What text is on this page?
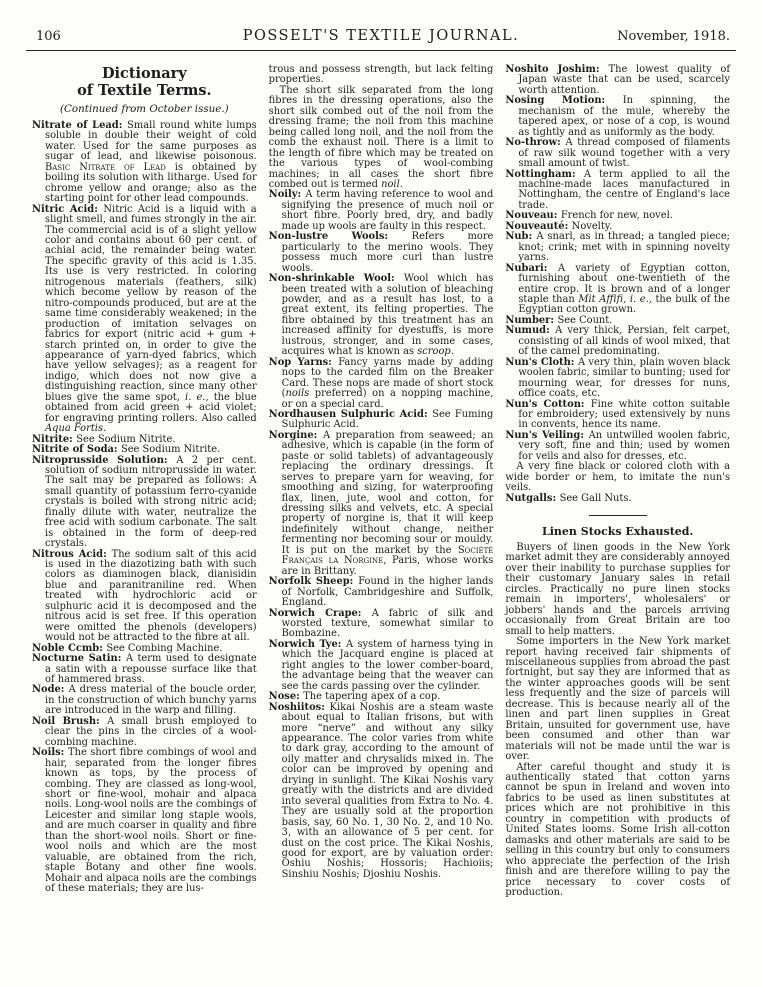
106	POSSELT'S TEXTILE JOURNAL.	November, 1918.
Dictionary
of Textile Terms.
(Continued from October issue.)
Nitrate of Lead: Small round white lumps soluble in double their weight of cold water. Used for the same purposes as sugar of lead, and likewise poisonous. Basic Nitrate of Lead is obtained by boiling its solution with litharge. Used for chrome yellow and orange; also as the starting point for other lead compounds.
Nitric Acid: Nitric Acid is a liquid with a slight smell, and fumes strongly in the air. The commercial acid is of a slight yellow color and contains about 60 per cent. of achial acid, the remainder being water. The specific gravity of this acid is 1.35. Its use is very restricted. In coloring nitrogenous materials (feathers, silk) which become yellow by reason of the nitro-compounds produced, but are at the same time considerably weakened; in the production of imitation selvages on fabrics for export (nitric acid + gum + starch printed on, in order to give the appearance of yarn-dyed fabrics, which have yellow selvages); as a reagent for indigo, which does not now give a distinguishing reaction, since many other blues give the same spot, i. e., the blue obtained from acid green + acid violet; for engraving printing rollers. Also called Aqua Fortis.
Nitrite: See Sodium Nitrite.
Nitrite of Soda: See Sodium Nitrite.
Nitroprusside Solution: A 2 per cent. solution of sodium nitroprusside in water. The salt may be prepared as follows: A small quantity of potassium ferro-cyanide crystals is boiled with strong nitric acid; finally dilute with water, neutralize the free acid with sodium carbonate. The salt is obtained in the form of deep-red crystals.
Nitrous Acid: The sodium salt of this acid is used in the diazotizing bath with such colors as diaminogen black, dianisidin blue and paranitraniline red. When treated with hydrochloric acid or sulphuric acid it is decomposed and the nitrous acid is set free. If this operation were omitted the phenols (developers) would not be attracted to the fibre at all.
Noble Ccmb: See Combing Machine.
Nocturne Satin: A term used to designate a satin with a repousse surface like that of hammered brass.
Node: A dress material of the boucle order, in the construction of which bunchy yarns are introduced in the warp and filling.
Noil Brush: A small brush employed to clear the pins in the circles of a wool-combing machine.
Noils: The short fibre combings of wool and hair, separated from the longer fibres known as tops, by the process of combing. They are classed as long-wool, short or fine-wool, mohair and alpaca noils. Long-wool noils are the combings of Leicester and similar long staple wools, and are much coarser in quality and fibre than the short-wool noils. Short or fine-wool noils and which are the most valuable, are obtained from the rich, staple Botany and other fine wools. Mohair and alpaca noils are the combings of these materials; they are lus-

trous and possess strength, but lack felting properties.

The short silk separated from the long fibres in the dressing operations, also the short silk combed out of the noil from the dressing frame; the noil from this machine being called long noil, and the noil from the comb the exhaust noil. There is a limit to the length of fibre which may be treated on the various types of wool-combing machines; in all cases the short fibre combed out is termed noil.

Noily: A term having reference to wool and signifying the presence of much noil or short fibre. Poorly bred, dry, and badly made up wools are faulty in this respect.
Non-lustre Wools: Refers more particularly to the merino wools. They possess much more curl than lustre wools.
Non-shrinkable Wool: Wool which has been treated with a solution of bleaching powder, and as a result has lost, to a great extent, its felting properties. The fibre obtained by this treatment has an increased affinity for dyestuffs, is more lustrous, stronger, and in some cases, acquires what is known as scroop.
Nop Yarns: Fancy yarns made by adding nops to the carded film on the Breaker Card. These nops are made of short stock (noils preferred) on a nopping machine, or on a special card.
Nordhausen Sulphuric Acid: See Fuming Sulphuric Acid.
Norgine: A preparation from seaweed; an adhesive, which is capable (in the form of paste or solid tablets) of advantageously replacing the ordinary dressings. It serves to prepare yarn for weaving, for smoothing and sizing, for waterproofing flax, linen, jute, wool and cotton, for dressing silks and velvets, etc. A special property of norgine is, that it will keep indefinitely without change, neither fermenting nor becoming sour or mouldy. It is put on the market by the Société Français la Norgine, Paris, whose works are in Brittany.
Norfolk Sheep: Found in the higher lands of Norfolk, Cambridgeshire and Suffolk, England.
Norwich Crape: A fabric of silk and worsted texture, somewhat similar to Bombazine.
Norwich Tye: A system of harness tying in which the Jacquard engine is placed at right angles to the lower comber-board, the advantage being that the weaver can see the cards passing over the cylinder.
Nose: The tapering apex of a cop.
Noshiitos: Kikai Noshis are a steam waste about equal to Italian frisons, but with more “nerve” and without any silky appearance. The color varies from white to dark gray, according to the amount of oily matter and chrysalids mixed in. The color can be improved by opening and drying in sunlight. The Kikai Noshis vary greatly with the districts and are divided into several qualities from Extra to No. 4. They are usually sold at the proportion basis, say, 60 No. 1, 30 No. 2, and 10 No. 3, with an allowance of 5 per cent. for dust on the cost price. The Kikai Noshis, good for export, are by valuation order: Oshiu Noshis; Hossoris; Hachioiis; Sinshiu Noshis; Djoshiu Noshis.
Noshito Joshim: The lowest quality of Japan waste that can be used, scarcely worth attention.
Nosing Motion: In spinning, the mechanism of the mule, whereby the tapered apex, or nose of a cop, is wound as tightly and as uniformly as the body.
No-throw: A thread composed of filaments of raw silk wound together with a very small amount of twist.
Nottingham: A term applied to all the machine-made laces manufactured in Nottingham, the centre of England's lace trade.
Nouveau: French for new, novel.
Nouveauté: Novelty.
Nub: A snarl, as in thread; a tangled piece; knot; crink; met with in spinning novelty yarns.
Nubari: A variety of Egyptian cotton, furnishing about one-twentieth of the entire crop. It is brown and of a longer staple than Mit Affifi, i. e., the bulk of the Egyptian cotton grown.
Number: See Count.
Numud: A very thick, Persian, felt carpet, consisting of all kinds of wool mixed, that of the camel predominating.
Nun's Cloth: A very thin, plain woven black woolen fabric, similar to bunting; used for mourning wear, for dresses for nuns, office coats, etc.
Nun's Cotton: Fine white cotton suitable for embroidery; used extensively by nuns in convents, hence its name.
Nun's Veiling: An untwilled woolen fabric, very soft, fine and thin; used by women for veils and also for dresses, etc.
A very fine black or colored cloth with a wide border or hem, to imitate the nun's veils.
Nutgalls: See Gall Nuts.
Linen Stocks Exhausted.

Buyers of linen goods in the New York market admit they are considerably annoyed over their inability to purchase supplies for their customary January sales in retail circles. Practically no pure linen stocks remain in importers', wholesalers' or jobbers' hands and the parcels arriving occasionally from Great Britain are too small to help matters.

Some importers in the New York market report having received fair shipments of miscellaneous supplies from abroad the past fortnight, but say they are informed that as the winter approaches goods will be sent less frequently and the size of parcels will decrease. This is because nearly all of the linen and part linen supplies in Great Britain, unsuited for government use, have been consumed and other than war materials will not be made until the war is over.

After careful thought and study it is authentically stated that cotton yarns cannot be spun in Ireland and woven into fabrics to be used as linen substitutes at prices which are not prohibitive in this country in competition with products of United States looms. Some Irish all-cotton damasks and other materials are said to be selling in this country but only to consumers who appreciate the perfection of the Irish finish and are therefore willing to pay the price necessary to cover costs of production.
